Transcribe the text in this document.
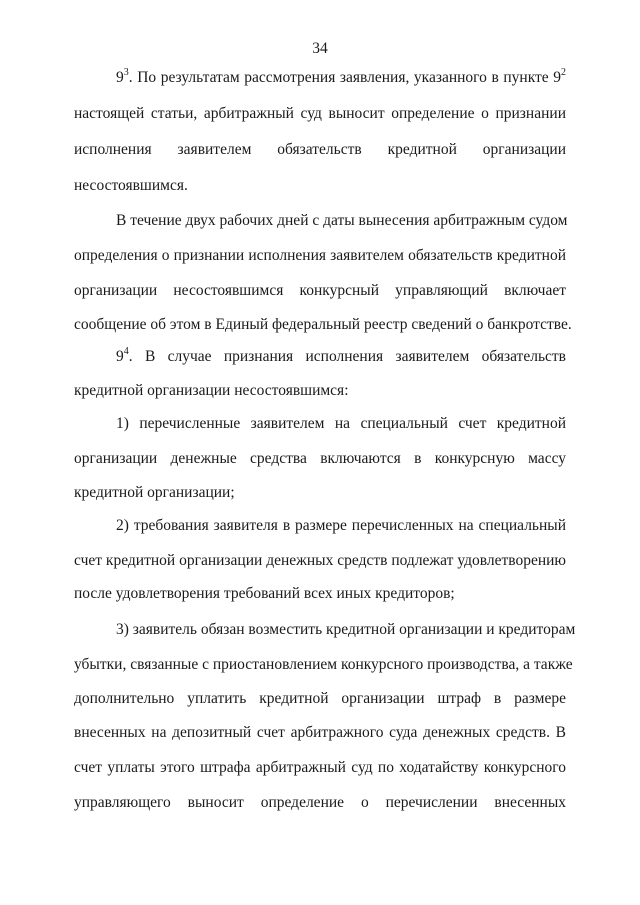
34
$9^3$. По результатам рассмотрения заявления, указанного в пункте $9^2$
настоящей статьи, арбитражный суд выносит определение о признании
исполнения заявителем обязательств кредитной организации
несостоявшимся.
В течение двух рабочих дней с даты вынесения арбитражным судом
определения о признании исполнения заявителем обязательств кредитной
организации несостоявшимся конкурсный управляющий включает
сообщение об этом в Единый федеральный реестр сведений о банкротстве.
$9^4$. В случае признания исполнения заявителем обязательств
кредитной организации несостоявшимся:
1) перечисленные заявителем на специальный счет кредитной
организации денежные средства включаются в конкурсную массу
кредитной организации;
2) требования заявителя в размере перечисленных на специальный
счет кредитной организации денежных средств подлежат удовлетворению
после удовлетворения требований всех иных кредиторов;
3) заявитель обязан возместить кредитной организации и кредиторам
убытки, связанные с приостановлением конкурсного производства, а также
дополнительно уплатить кредитной организации штраф в размере
внесенных на депозитный счет арбитражного суда денежных средств. В
счет уплаты этого штрафа арбитражный суд по ходатайству конкурсного
управляющего выносит определение о перечислении внесенных
